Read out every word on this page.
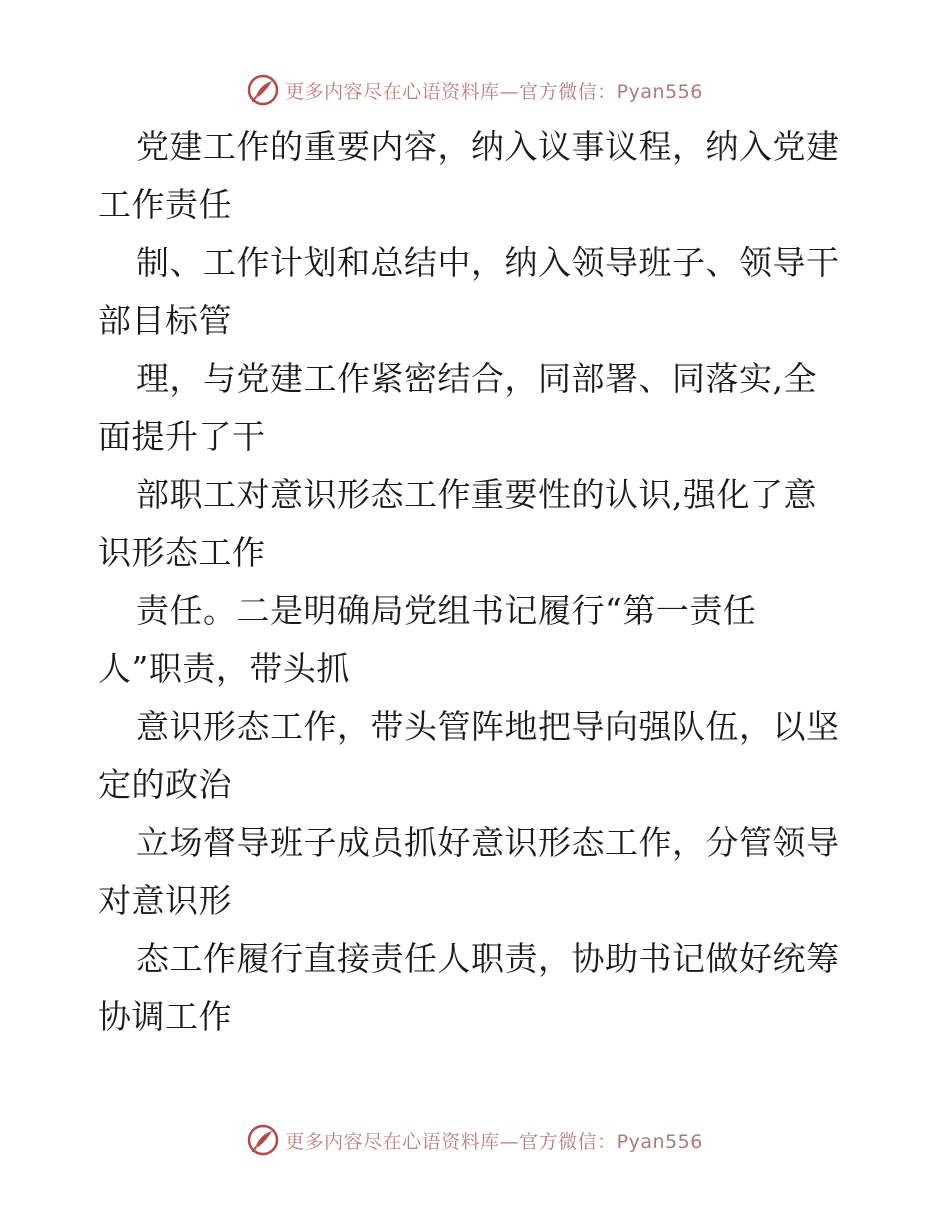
更多内容尽在心语资料库—官方微信：Pyan556
党建工作的重要内容，纳入议事议程，纳入党建
工作责任
制、工作计划和总结中，纳入领导班子、领导干
部目标管
理，与党建工作紧密结合，同部署、同落实,全
面提升了干
部职工对意识形态工作重要性的认识,强化了意
识形态工作
责任。二是明确局党组书记履行“第一责任
人”职责，带头抓
意识形态工作，带头管阵地把导向强队伍，以坚
定的政治
立场督导班子成员抓好意识形态工作，分管领导
对意识形
态工作履行直接责任人职责，协助书记做好统筹
协调工作
更多内容尽在心语资料库—官方微信：Pyan556
